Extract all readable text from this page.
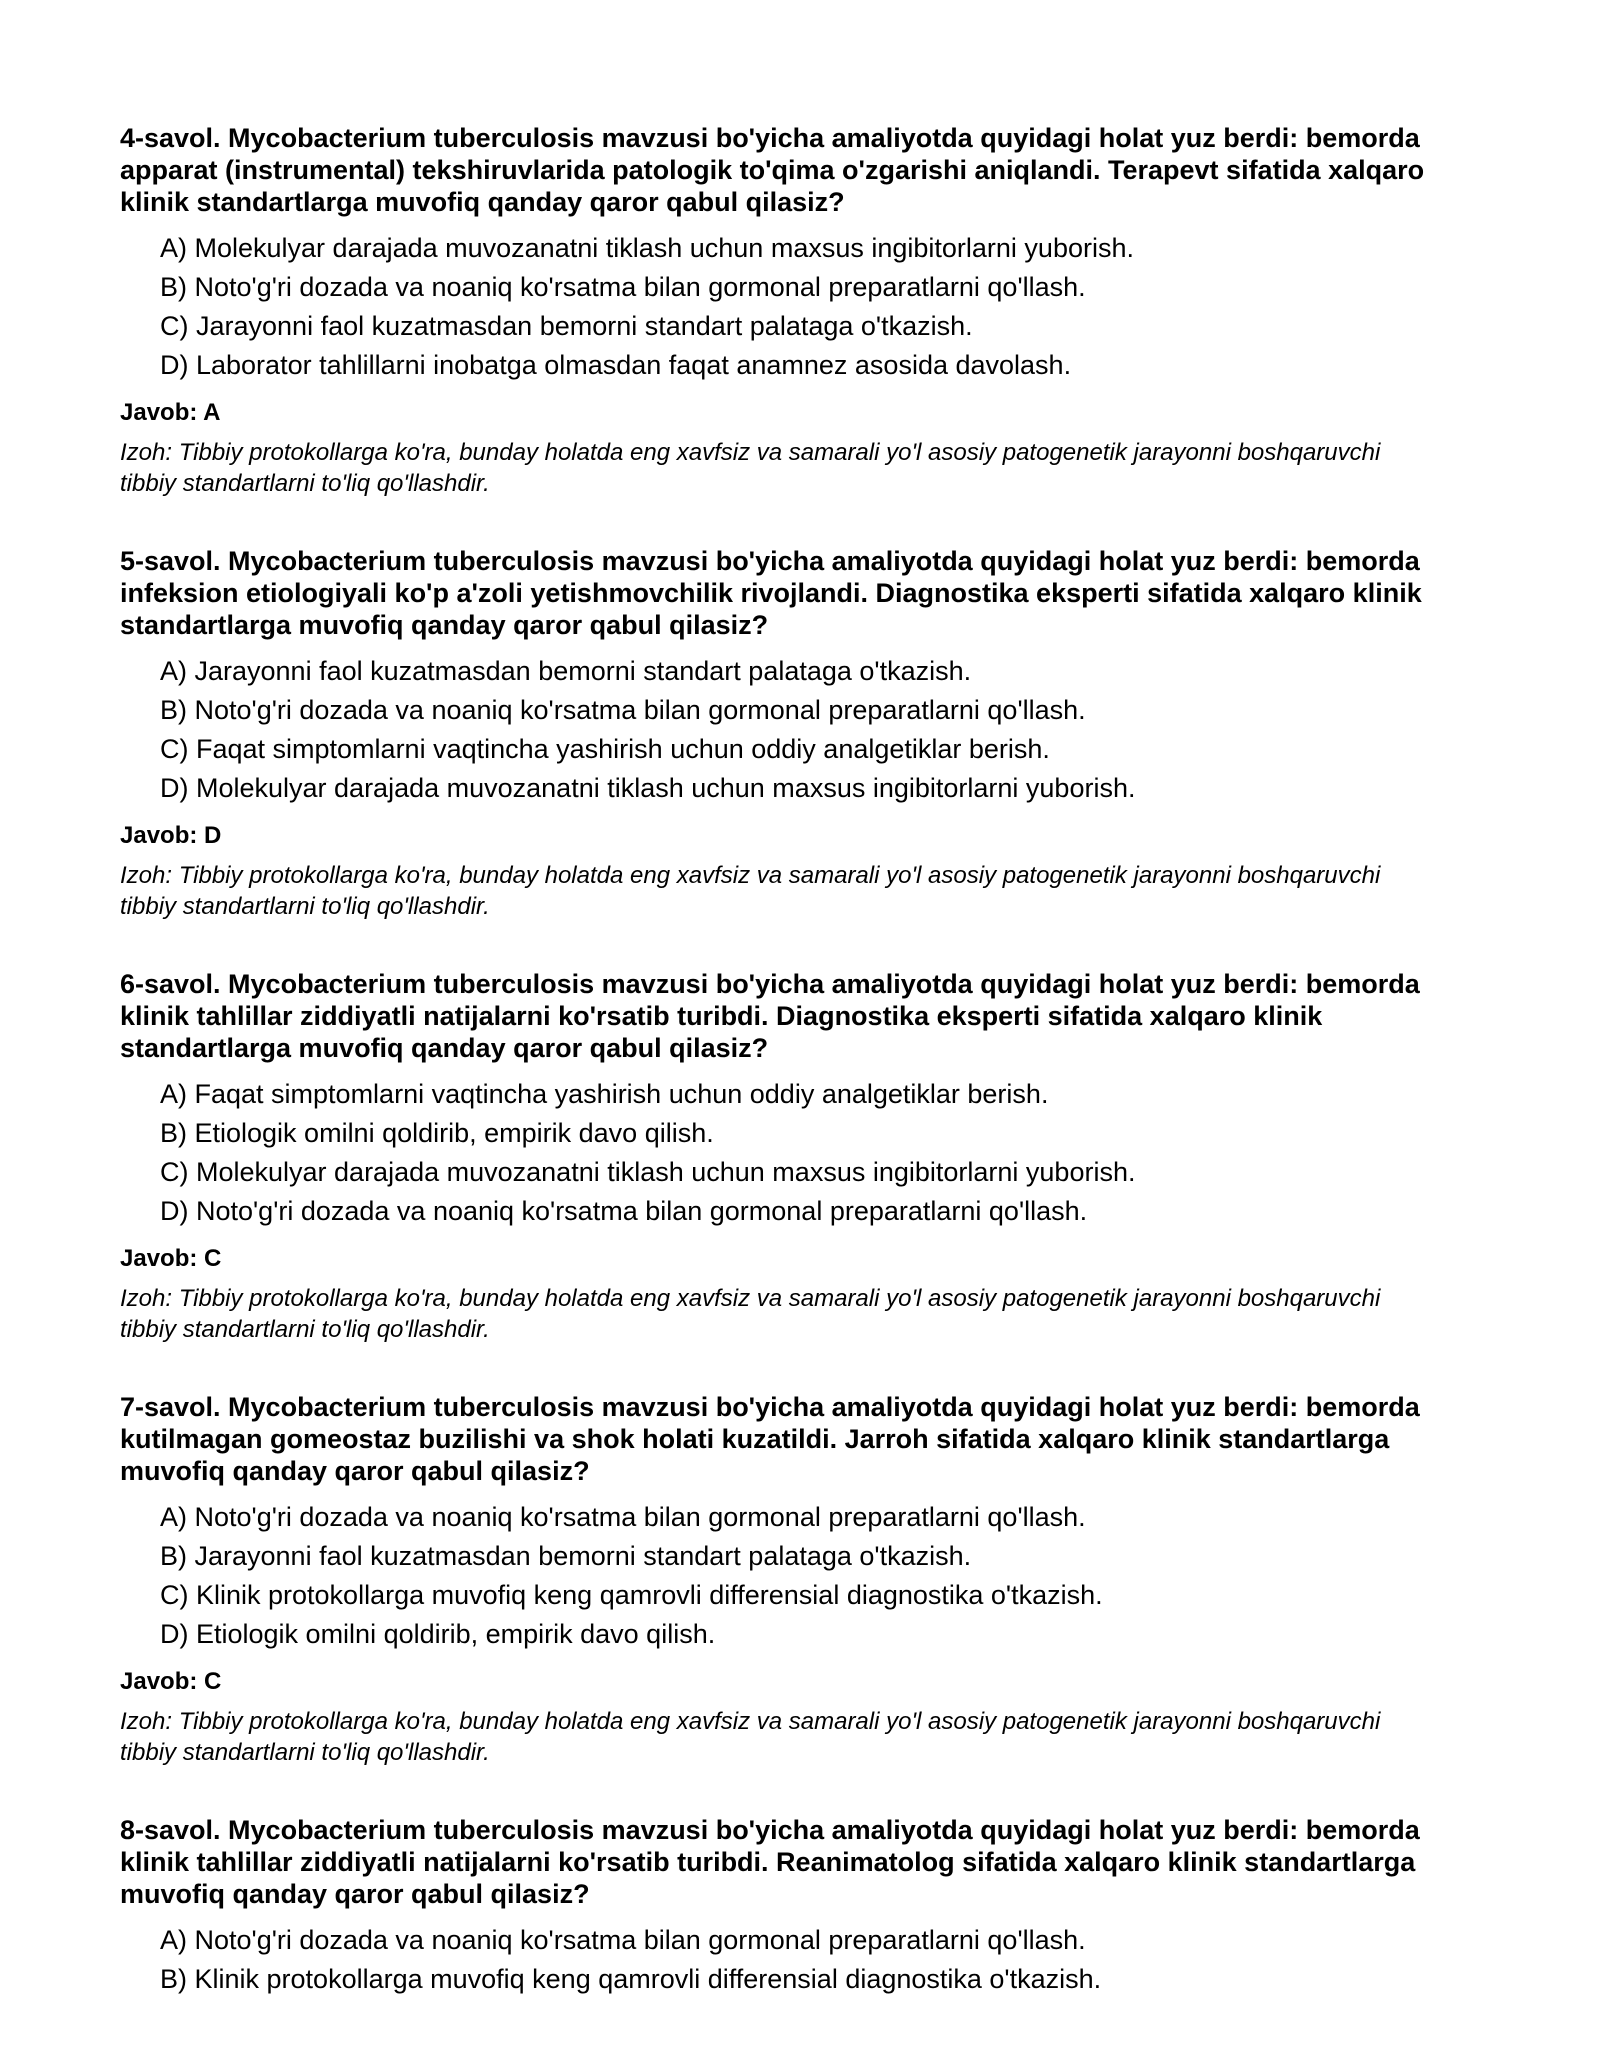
4-savol. Mycobacterium tuberculosis mavzusi bo'yicha amaliyotda quyidagi holat yuz berdi: bemorda apparat (instrumental) tekshiruvlarida patologik to'qima o'zgarishi aniqlandi. Terapevt sifatida xalqaro klinik standartlarga muvofiq qanday qaror qabul qilasiz?

A) Molekulyar darajada muvozanatni tiklash uchun maxsus ingibitorlarni yuborish.
B) Noto'g'ri dozada va noaniq ko'rsatma bilan gormonal preparatlarni qo'llash.
C) Jarayonni faol kuzatmasdan bemorni standart palataga o'tkazish.
D) Laborator tahlillarni inobatga olmasdan faqat anamnez asosida davolash.

Javob: A

Izoh: Tibbiy protokollarga ko'ra, bunday holatda eng xavfsiz va samarali yo'l asosiy patogenetik jarayonni boshqaruvchi tibbiy standartlarni to'liq qo'llashdir.

5-savol. Mycobacterium tuberculosis mavzusi bo'yicha amaliyotda quyidagi holat yuz berdi: bemorda infeksion etiologiyali ko'p a'zoli yetishmovchilik rivojlandi. Diagnostika eksperti sifatida xalqaro klinik standartlarga muvofiq qanday qaror qabul qilasiz?

A) Jarayonni faol kuzatmasdan bemorni standart palataga o'tkazish.
B) Noto'g'ri dozada va noaniq ko'rsatma bilan gormonal preparatlarni qo'llash.
C) Faqat simptomlarni vaqtincha yashirish uchun oddiy analgetiklar berish.
D) Molekulyar darajada muvozanatni tiklash uchun maxsus ingibitorlarni yuborish.

Javob: D

Izoh: Tibbiy protokollarga ko'ra, bunday holatda eng xavfsiz va samarali yo'l asosiy patogenetik jarayonni boshqaruvchi tibbiy standartlarni to'liq qo'llashdir.

6-savol. Mycobacterium tuberculosis mavzusi bo'yicha amaliyotda quyidagi holat yuz berdi: bemorda klinik tahlillar ziddiyatli natijalarni ko'rsatib turibdi. Diagnostika eksperti sifatida xalqaro klinik standartlarga muvofiq qanday qaror qabul qilasiz?

A) Faqat simptomlarni vaqtincha yashirish uchun oddiy analgetiklar berish.
B) Etiologik omilni qoldirib, empirik davo qilish.
C) Molekulyar darajada muvozanatni tiklash uchun maxsus ingibitorlarni yuborish.
D) Noto'g'ri dozada va noaniq ko'rsatma bilan gormonal preparatlarni qo'llash.

Javob: C

Izoh: Tibbiy protokollarga ko'ra, bunday holatda eng xavfsiz va samarali yo'l asosiy patogenetik jarayonni boshqaruvchi tibbiy standartlarni to'liq qo'llashdir.

7-savol. Mycobacterium tuberculosis mavzusi bo'yicha amaliyotda quyidagi holat yuz berdi: bemorda kutilmagan gomeostaz buzilishi va shok holati kuzatildi. Jarroh sifatida xalqaro klinik standartlarga muvofiq qanday qaror qabul qilasiz?

A) Noto'g'ri dozada va noaniq ko'rsatma bilan gormonal preparatlarni qo'llash.
B) Jarayonni faol kuzatmasdan bemorni standart palataga o'tkazish.
C) Klinik protokollarga muvofiq keng qamrovli differensial diagnostika o'tkazish.
D) Etiologik omilni qoldirib, empirik davo qilish.

Javob: C

Izoh: Tibbiy protokollarga ko'ra, bunday holatda eng xavfsiz va samarali yo'l asosiy patogenetik jarayonni boshqaruvchi tibbiy standartlarni to'liq qo'llashdir.

8-savol. Mycobacterium tuberculosis mavzusi bo'yicha amaliyotda quyidagi holat yuz berdi: bemorda klinik tahlillar ziddiyatli natijalarni ko'rsatib turibdi. Reanimatolog sifatida xalqaro klinik standartlarga muvofiq qanday qaror qabul qilasiz?

A) Noto'g'ri dozada va noaniq ko'rsatma bilan gormonal preparatlarni qo'llash.
B) Klinik protokollarga muvofiq keng qamrovli differensial diagnostika o'tkazish.
